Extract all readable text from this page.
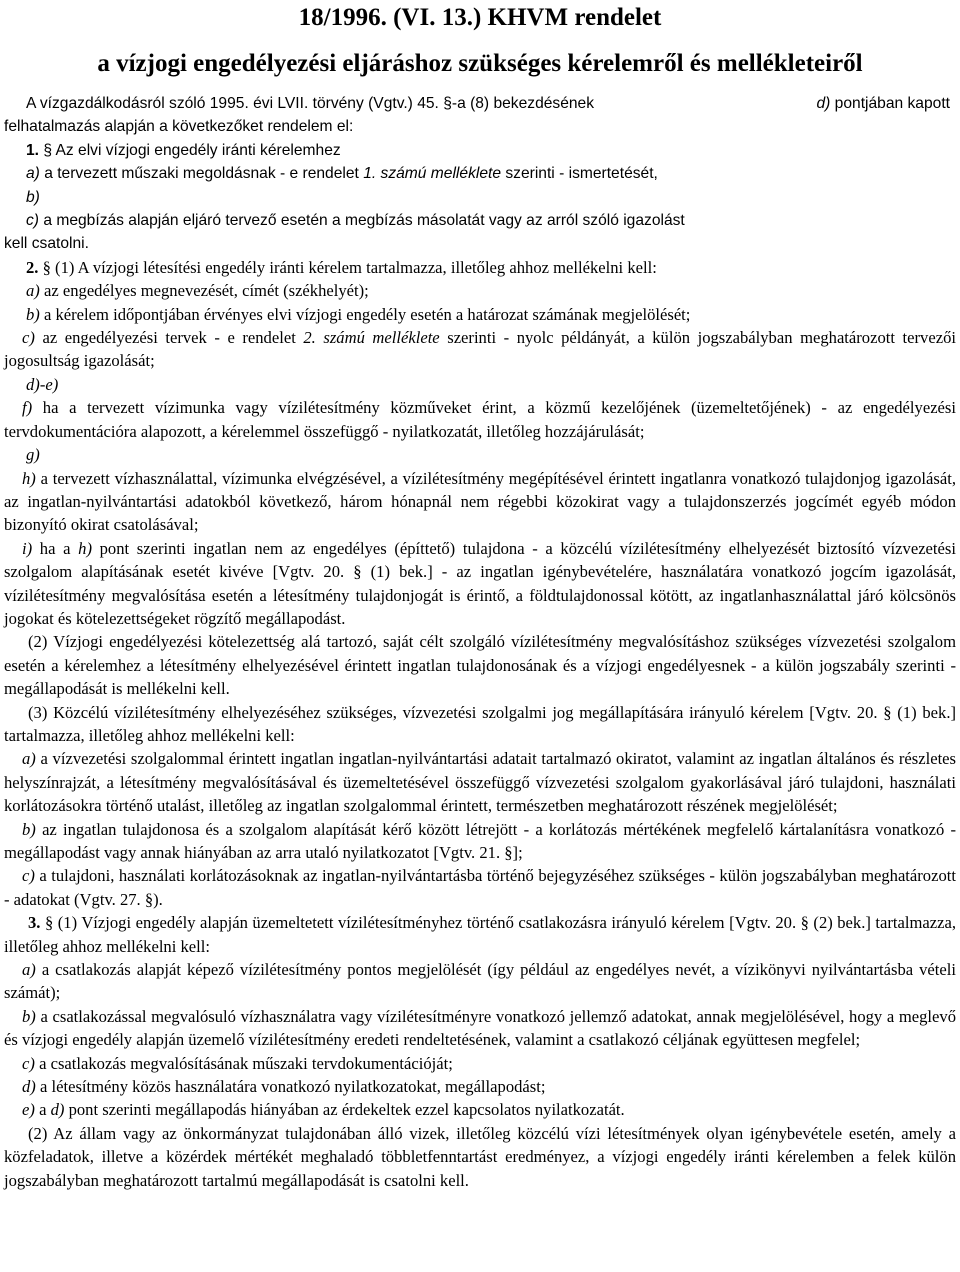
18/1996. (VI. 13.) KHVM rendelet
a vízjogi engedélyezési eljáráshoz szükséges kérelemről és mellékleteiről

A vízgazdálkodásról szóló 1995. évi LVII. törvény (Vgtv.) 45. §-a (8) bekezdésének	d) pontjában kapott

felhatalmazás alapján a következőket rendelem el:

1. § Az elvi vízjogi engedély iránti kérelemhez

a) a tervezett műszaki megoldásnak - e rendelet 1. számú melléklete szerinti - ismertetését,

b)

c) a megbízás alapján eljáró tervező esetén a megbízás másolatát vagy az arról szóló igazolást

kell csatolni.

2. § (1) A vízjogi létesítési engedély iránti kérelem tartalmazza, illetőleg ahhoz mellékelni kell:

a) az engedélyes megnevezését, címét (székhelyét);

b) a kérelem időpontjában érvényes elvi vízjogi engedély esetén a határozat számának megjelölését;

c) az engedélyezési tervek - e rendelet 2. számú melléklete szerinti - nyolc példányát, a külön jogszabályban meghatározott tervezői jogosultság igazolását;

d)-e)

f) ha a tervezett vízimunka vagy vízilétesítmény közműveket érint, a közmű kezelőjének (üzemeltetőjének) - az engedélyezési tervdokumentációra alapozott, a kérelemmel összefüggő - nyilatkozatát, illetőleg hozzájárulását;

g)

h) a tervezett vízhasználattal, vízimunka elvégzésével, a vízilétesítmény megépítésével érintett ingatlanra vonatkozó tulajdonjog igazolását, az ingatlan-nyilvántartási adatokból következő, három hónapnál nem régebbi közokirat vagy a tulajdonszerzés jogcímét egyéb módon bizonyító okirat csatolásával;

i) ha a h) pont szerinti ingatlan nem az engedélyes (építtető) tulajdona - a közcélú vízilétesítmény elhelyezését biztosító vízvezetési szolgalom alapításának esetét kivéve [Vgtv. 20. § (1) bek.] - az ingatlan igénybevételére, használatára vonatkozó jogcím igazolását, vízilétesítmény megvalósítása esetén a létesítmény tulajdonjogát is érintő, a földtulajdonossal kötött, az ingatlanhasználattal járó kölcsönös jogokat és kötelezettségeket rögzítő megállapodást.

(2) Vízjogi engedélyezési kötelezettség alá tartozó, saját célt szolgáló vízilétesítmény megvalósításhoz szükséges vízvezetési szolgalom esetén a kérelemhez a létesítmény elhelyezésével érintett ingatlan tulajdonosának és a vízjogi engedélyesnek - a külön jogszabály szerinti - megállapodását is mellékelni kell.

(3) Közcélú vízilétesítmény elhelyezéséhez szükséges, vízvezetési szolgalmi jog megállapítására irányuló kérelem [Vgtv. 20. § (1) bek.] tartalmazza, illetőleg ahhoz mellékelni kell:

a) a vízvezetési szolgalommal érintett ingatlan ingatlan-nyilvántartási adatait tartalmazó okiratot, valamint az ingatlan általános és részletes helyszínrajzát, a létesítmény megvalósításával és üzemeltetésével összefüggő vízvezetési szolgalom gyakorlásával járó tulajdoni, használati korlátozásokra történő utalást, illetőleg az ingatlan szolgalommal érintett, természetben meghatározott részének megjelölését;

b) az ingatlan tulajdonosa és a szolgalom alapítását kérő között létrejött - a korlátozás mértékének megfelelő kártalanításra vonatkozó - megállapodást vagy annak hiányában az arra utaló nyilatkozatot [Vgtv. 21. §];

c) a tulajdoni, használati korlátozásoknak az ingatlan-nyilvántartásba történő bejegyzéséhez szükséges - külön jogszabályban meghatározott - adatokat (Vgtv. 27. §).

3. § (1) Vízjogi engedély alapján üzemeltetett vízilétesítményhez történő csatlakozásra irányuló kérelem [Vgtv. 20. § (2) bek.] tartalmazza, illetőleg ahhoz mellékelni kell:

a) a csatlakozás alapját képező vízilétesítmény pontos megjelölését (így például az engedélyes nevét, a vízikönyvi nyilvántartásba vételi számát);

b) a csatlakozással megvalósuló vízhasználatra vagy vízilétesítményre vonatkozó jellemző adatokat, annak megjelölésével, hogy a meglevő és vízjogi engedély alapján üzemelő vízilétesítmény eredeti rendeltetésének, valamint a csatlakozó céljának együttesen megfelel;

c) a csatlakozás megvalósításának műszaki tervdokumentációját;

d) a létesítmény közös használatára vonatkozó nyilatkozatokat, megállapodást;

e) a d) pont szerinti megállapodás hiányában az érdekeltek ezzel kapcsolatos nyilatkozatát.

(2) Az állam vagy az önkormányzat tulajdonában álló vizek, illetőleg közcélú vízi létesítmények olyan igénybevétele esetén, amely a közfeladatok, illetve a közérdek mértékét meghaladó többletfenntartást eredményez, a vízjogi engedély iránti kérelemben a felek külön jogszabályban meghatározott tartalmú megállapodását is csatolni kell.
